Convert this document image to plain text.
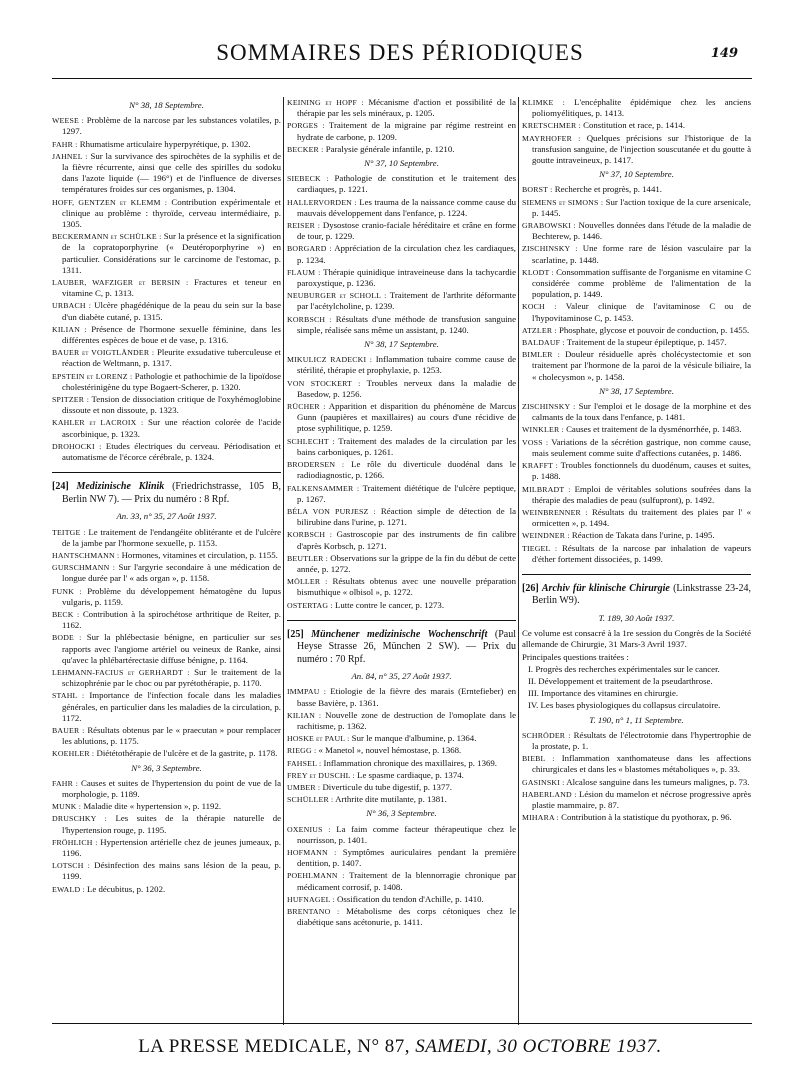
SOMMAIRES DES PÉRIODIQUES	149
N° 38, 18 Septembre.
WEESE : Problème de la narcose par les substances volatiles, p. 1297.
FAHR : Rhumatisme articulaire hyperpyrétique, p. 1302.
JAHNEL : Sur la survivance des spirochètes de la syphilis et de la fièvre récurrente, ainsi que celle des spirilles du sodoku dans l'azote liquide (— 196°) et de l'influence de diverses températures froides sur ces organismes, p. 1304.
HOFF, GENTZEN et KLEMM : Contribution expérimentale et clinique au problème : thyroïde, cerveau intermédiaire, p. 1305.
BECKERMANN et SCHÜLKE : Sur la présence et la signification de la copratoporphyrine (« Deutéroporphyrine ») en particulier. Considérations sur le carcinome de l'estomac, p. 1311.
LAUBER, WAFZIGER et BERSIN : Fractures et teneur en vitamine C, p. 1313.
URBACH : Ulcère phagédénique de la peau du sein sur la base d'un diabète cutané, p. 1315.
KILIAN : Présence de l'hormone sexuelle féminine, dans les différentes espèces de boue et de vase, p. 1316.
BAUER et VOIGTLÄNDER : Pleurite exsudative tuberculeuse et réaction de Weltmann, p. 1317.
EPSTEIN et LORENZ : Pathologie et pathochimie de la lipoïdose cholestérinigène du type Bogaert-Scherer, p. 1320.
SPITZER : Tension de dissociation critique de l'oxyhémoglobine dissoute et non dissoute, p. 1323.
KAHLER et LACROIX : Sur une réaction colorée de l'acide ascorbinique, p. 1323.
DROHOCKI : Etudes électriques du cerveau. Périodisation et automatisme de l'écorce cérébrale, p. 1324.
[24] Medizinische Klinik (Friedrichstrasse, 105 B, Berlin NW 7). — Prix du numéro : 8 Rpf.
An. 33, n° 35, 27 Août 1937.
TEITGE : Le traitement de l'endangéite oblitérante et de l'ulcère de la jambe par l'hormone sexuelle, p. 1153.
HANTSCHMANN : Hormones, vitamines et circulation, p. 1155.
GURSCHMANN : Sur l'argyrie secondaire à une médication de longue durée par l' « ads organ », p. 1158.
FUNK : Problème du développement hématogène du lupus vulgaris, p. 1159.
BECK : Contribution à la spirochétose arthritique de Reiter, p. 1162.
BODE : Sur la phlébectasie bénigne, en particulier sur ses rapports avec l'angiome artériel ou veineux de Ranke, ainsi qu'avec la phlébartérectasie diffuse bénigne, p. 1164.
LEHMANN-FACIUS et GERHARDT : Sur le traitement de la schizophrénie par le choc ou par pyrétothérapie, p. 1170.
STAHL : Importance de l'infection focale dans les maladies générales, en particulier dans les maladies de la circulation, p. 1172.
BAUER : Résultats obtenus par le « praecutan » pour remplacer les ablutions, p. 1175.
KOEHLER : Diététothérapie de l'ulcère et de la gastrite, p. 1178.
N° 36, 3 Septembre.
FAHR : Causes et suites de l'hypertension du point de vue de la morphologie, p. 1189.
MUNK : Maladie dite « hypertension », p. 1192.
DRUSCHKY : Les suites de la thérapie naturelle de l'hypertension rouge, p. 1195.
FRÖHLICH : Hypertension artérielle chez de jeunes jumeaux, p. 1196.
LOTSCH : Désinfection des mains sans lésion de la peau, p. 1199.
EWALD : Le décubitus, p. 1202.
KEINING et HOPF : Mécanisme d'action et possibilité de la thérapie par les sels minéraux, p. 1205.
PORGES : Traitement de la migraine par régime restreint en hydrate de carbone, p. 1209.
BECKER : Paralysie générale infantile, p. 1210.
N° 37, 10 Septembre.
SIEBECK : Pathologie de constitution et le traitement des cardiaques, p. 1221.
HALLERVORDEN : Les trauma de la naissance comme cause du mauvais développement dans l'enfance, p. 1224.
REISER : Dysostose cranio-faciale héréditaire et crâne en forme de tour, p. 1229.
BORGARD : Appréciation de la circulation chez les cardiaques, p. 1234.
FLAUM : Thérapie quinidique intraveineuse dans la tachycardie paroxystique, p. 1236.
NEUBURGER et SCHOLL : Traitement de l'arthrite déformante par l'acétylcholine, p. 1239.
KORBSCH : Résultats d'une méthode de transfusion sanguine simple, réalisée sans même un assistant, p. 1240.
N° 38, 17 Septembre.
MIKULICZ RADECKI : Inflammation tubaire comme cause de stérilité, thérapie et prophylaxie, p. 1253.
VON STOCKERT : Troubles nerveux dans la maladie de Basedow, p. 1256.
RÜCHER : Apparition et disparition du phénomène de Marcus Gunn (paupières et maxillaires) au cours d'une récidive de ptose syphilitique, p. 1259.
SCHLECHT : Traitement des malades de la circulation par les bains carboniques, p. 1261.
BRODERSEN : Le rôle du diverticule duodénal dans le radiodiagnostic, p. 1266.
FALKENSAMMER : Traitement diététique de l'ulcère peptique, p. 1267.
BÉLA VON PURJESZ : Réaction simple de détection de la bilirubine dans l'urine, p. 1271.
KORBSCH : Gastroscopie par des instruments de fin calibre d'après Korbsch, p. 1271.
BEUTLER : Observations sur la grippe de la fin du début de cette année, p. 1272.
MÖLLER : Résultats obtenus avec une nouvelle préparation bismuthique « olbisol », p. 1272.
OSTERTAG : Lutte contre le cancer, p. 1273.
[25] Münchener medizinische Wochenschrift (Paul Heyse Strasse 26, München 2 SW). — Prix du numéro : 70 Rpf.
An. 84, n° 35, 27 Août 1937.
IMMPAU : Etiologie de la fièvre des marais (Erntefieber) en basse Bavière, p. 1361.
KILIAN : Nouvelle zone de destruction de l'omoplate dans le rachitisme, p. 1362.
HOSKE et PAUL : Sur le manque d'albumine, p. 1364.
RIEGG : « Manetol », nouvel hémostase, p. 1368.
FAHSEL : Inflammation chronique des maxillaires, p. 1369.
FREY et DUSCHL : Le spasme cardiaque, p. 1374.
UMBER : Diverticule du tube digestif, p. 1377.
SCHÜLLER : Arthrite dite mutilante, p. 1381.
N° 36, 3 Septembre.
OXENIUS : La faim comme facteur thérapeutique chez le nourrisson, p. 1401.
HOFMANN : Symptômes auriculaires pendant la première dentition, p. 1407.
POEHLMANN : Traitement de la blennorragie chronique par médicament corrosif, p. 1408.
HUFNAGEL : Ossification du tendon d'Achille, p. 1410.
BRENTANO : Métabolisme des corps cétoniques chez le diabétique sans acétonurie, p. 1411.
KLIMKE : L'encéphalite épidémique chez les anciens poliomyélitiques, p. 1413.
KRETSCHMER : Constitution et race, p. 1414.
MAYRHOFER : Quelques précisions sur l'historique de la transfusion sanguine, de l'injection souscutanée et du goutte à goutte intraveineux, p. 1417.
N° 37, 10 Septembre.
BORST : Recherche et progrès, p. 1441.
SIEMENS et SIMONS : Sur l'action toxique de la cure arsenicale, p. 1445.
GRABOWSKI : Nouvelles données dans l'étude de la maladie de Bechterew, p. 1446.
ZISCHINSKY : Une forme rare de lésion vasculaire par la scarlatine, p. 1448.
KLODT : Consommation suffisante de l'organisme en vitamine C considérée comme problème de l'alimentation de la population, p. 1449.
KOCH : Valeur clinique de l'avitaminose C ou de l'hypovitaminose C, p. 1453.
ATZLER : Phosphate, glycose et pouvoir de conduction, p. 1455.
BALDAUF : Traitement de la stupeur épileptique, p. 1457.
BIMLER : Douleur résiduelle après cholécystectomie et son traitement par l'hormone de la paroi de la vésicule biliaire, la « cholecysmon », p. 1458.
N° 38, 17 Septembre.
ZISCHINSKY : Sur l'emploi et le dosage de la morphine et des calmants de la toux dans l'enfance, p. 1481.
WINKLER : Causes et traitement de la dysménorrhée, p. 1483.
VOSS : Variations de la sécrétion gastrique, non comme cause, mais seulement comme suite d'affections cutanées, p. 1486.
KRAFFT : Troubles fonctionnels du duodénum, causes et suites, p. 1488.
MILBRADT : Emploi de véritables solutions soufrées dans la thérapie des maladies de peau (sulfupront), p. 1492.
WEINBRENNER : Résultats du traitement des plaies par l' « ormicetten », p. 1494.
WEINDNER : Réaction de Takata dans l'urine, p. 1495.
TIEGEL : Résultats de la narcose par inhalation de vapeurs d'éther fortement dissociées, p. 1499.
[26] Archiv für klinische Chirurgie (Linkstrasse 23-24, Berlin W9).
T. 189, 30 Août 1937.
Ce volume est consacré à la 1re session du Congrès de la Société allemande de Chirurgie, 31 Mars-3 Avril 1937.
Principales questions traitées :
I. Progrès des recherches expérimentales sur le cancer.
II. Développement et traitement de la pseudarthrose.
III. Importance des vitamines en chirurgie.
IV. Les bases physiologiques du collapsus circulatoire.
T. 190, n° 1, 11 Septembre.
SCHRÖDER : Résultats de l'électrotomie dans l'hypertrophie de la prostate, p. 1.
BIEBL : Inflammation xanthomateuse dans les affections chirurgicales et dans les « blastomes métaboliques », p. 33.
GASINSKI : Alcalose sanguine dans les tumeurs malignes, p. 73.
HABERLAND : Lésion du mamelon et nécrose progressive après plastie mammaire, p. 87.
MIHARA : Contribution à la statistique du pyothorax, p. 96.
LA PRESSE MEDICALE, N° 87, SAMEDI, 30 OCTOBRE 1937.
